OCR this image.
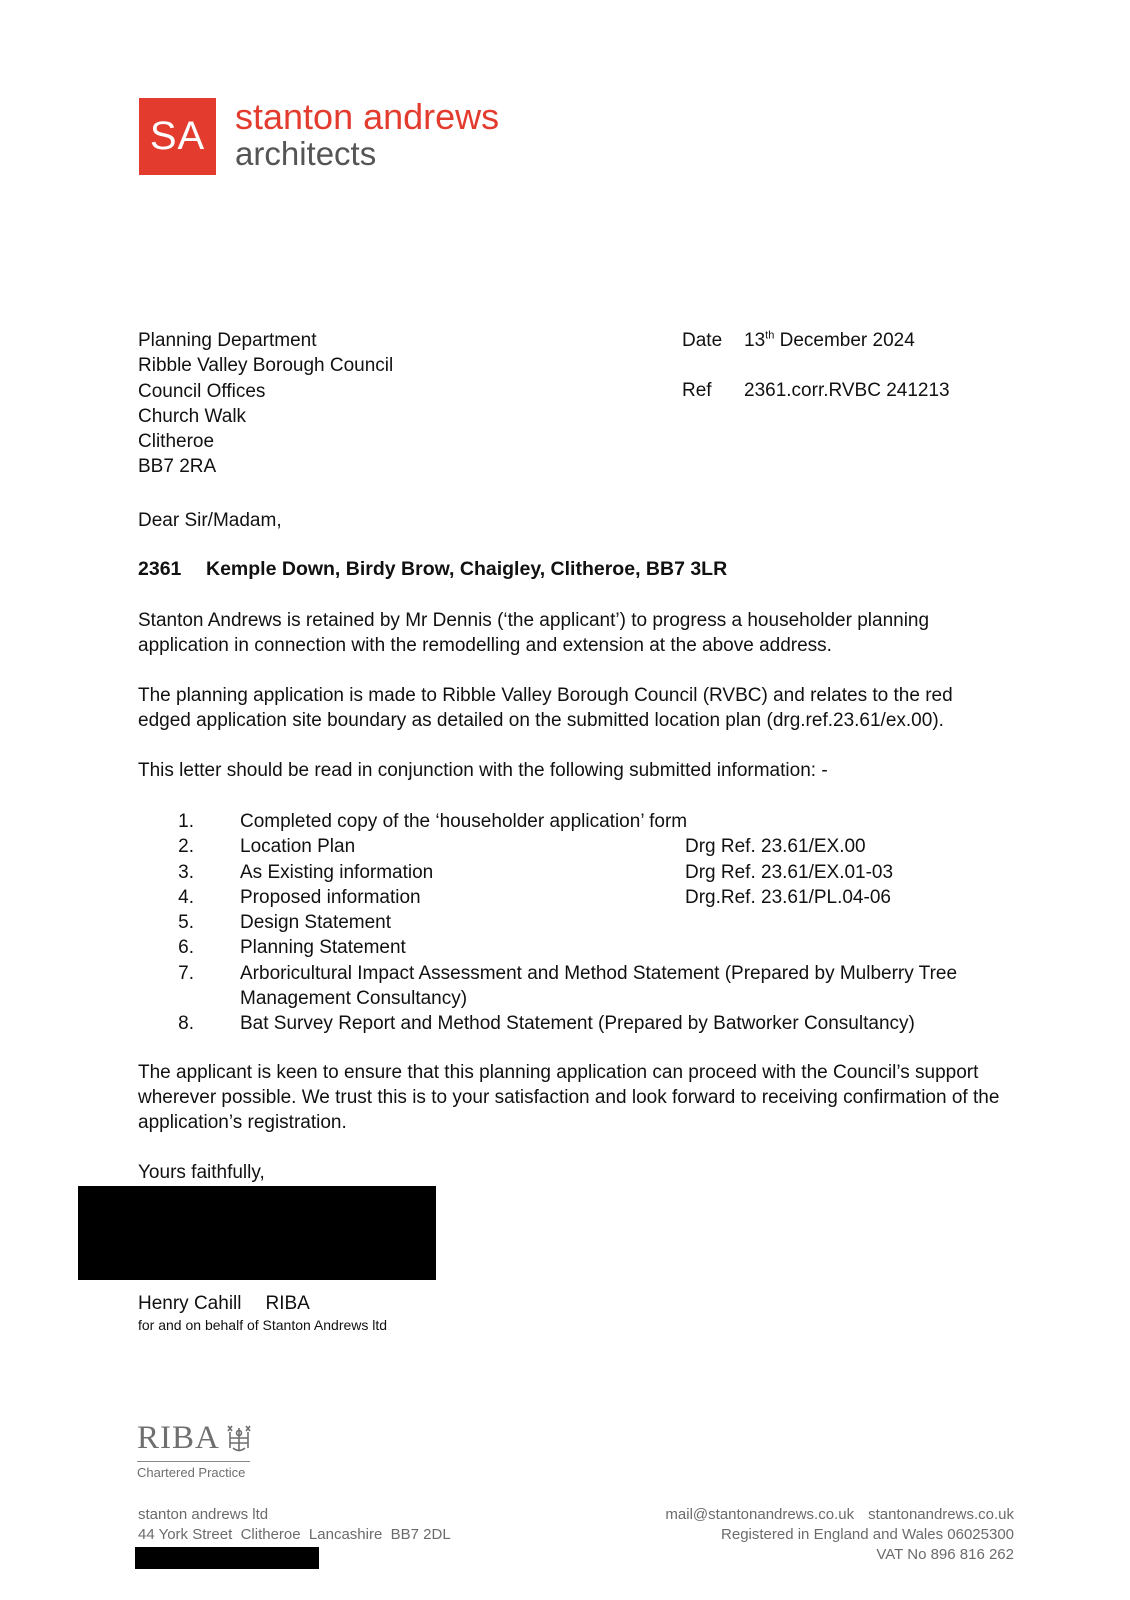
SA stanton andrews
architects
Planning Department
Ribble Valley Borough Council
Council Offices
Church Walk
Clitheroe
BB7 2RA
Date 13th December 2024
Ref 2361.corr.RVBC 241213
Dear Sir/Madam,
2361 Kemple Down, Birdy Brow, Chaigley, Clitheroe, BB7 3LR
Stanton Andrews is retained by Mr Dennis (‘the applicant’) to progress a householder planning application in connection with the remodelling and extension at the above address.
The planning application is made to Ribble Valley Borough Council (RVBC) and relates to the red edged application site boundary as detailed on the submitted location plan (drg.ref.23.61/ex.00).
This letter should be read in conjunction with the following submitted information: -
1. Completed copy of the ‘householder application’ form
2. Location Plan	Drg Ref. 23.61/EX.00
3. As Existing information	Drg Ref. 23.61/EX.01-03
4. Proposed information	Drg.Ref. 23.61/PL.04-06
5. Design Statement
6. Planning Statement
7. Arboricultural Impact Assessment and Method Statement (Prepared by Mulberry Tree Management Consultancy)
8. Bat Survey Report and Method Statement (Prepared by Batworker Consultancy)
The applicant is keen to ensure that this planning application can proceed with the Council’s support wherever possible. We trust this is to your satisfaction and look forward to receiving confirmation of the application’s registration.
Yours faithfully,
Henry Cahill RIBA
for and on behalf of Stanton Andrews ltd
RIBA
Chartered Practice
stanton andrews ltd
44 York Street  Clitheroe  Lancashire  BB7 2DL
mail@stantonandrews.co.uk stantonandrews.co.uk
Registered in England and Wales 06025300
VAT No 896 816 262
